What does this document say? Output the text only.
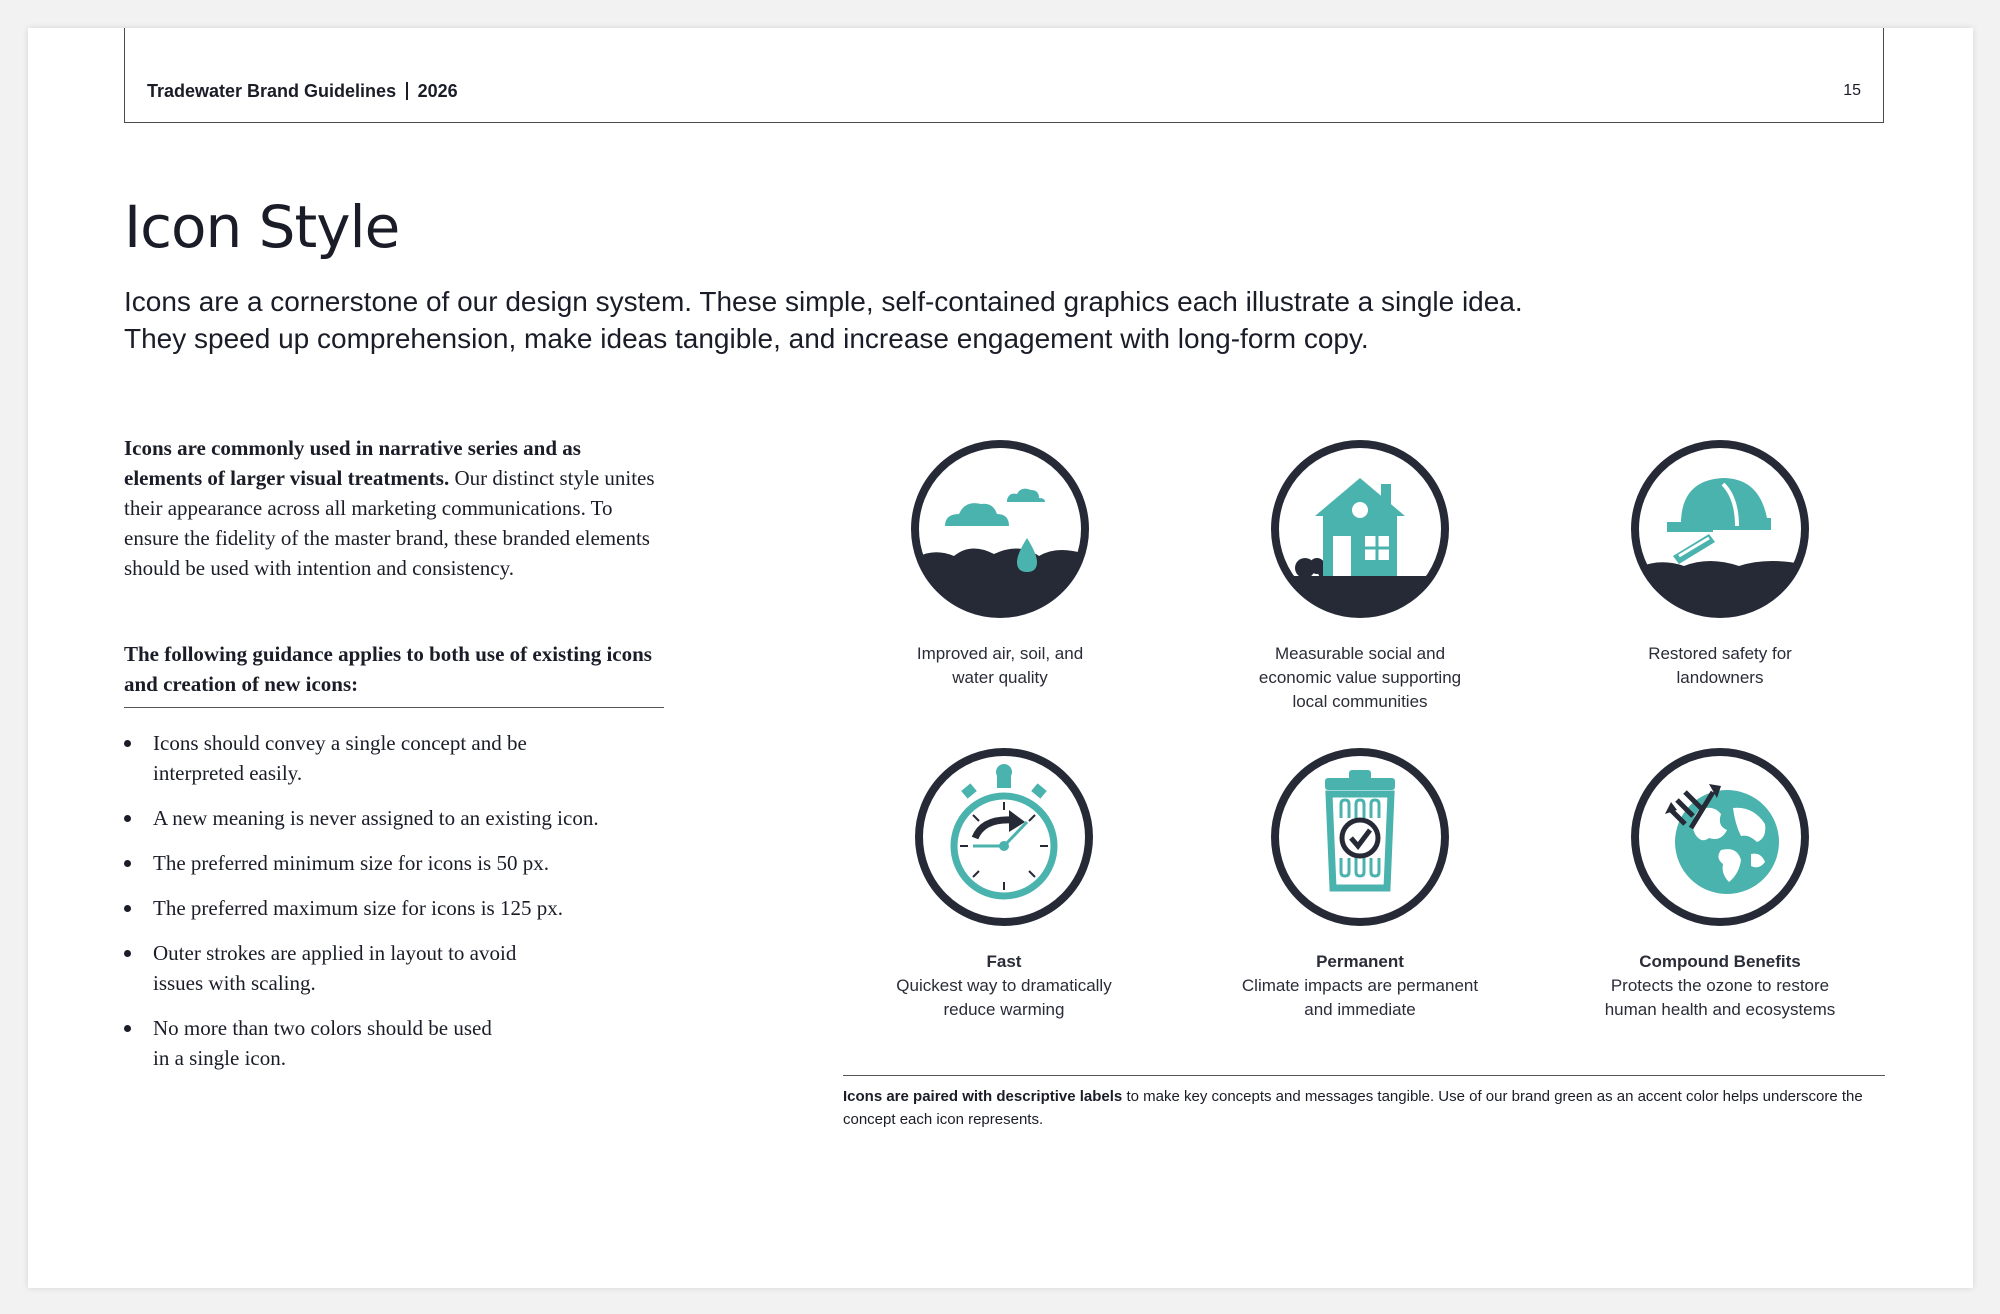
Tradewater Brand Guidelines 2026	15
Icon Style

Icons are a cornerstone of our design system. These simple, self-contained graphics each illustrate a single idea.

They speed up comprehension, make ideas tangible, and increase engagement with long-form copy.

Icons are commonly used in narrative series and as elements of larger visual treatments. Our distinct style unites their appearance across all marketing communications. To ensure the fidelity of the master brand, these branded elements should be used with intention and consistency.

The following guidance applies to both use of existing icons and creation of new icons:
Icons should convey a single concept and be interpreted easily.
A new meaning is never assigned to an existing icon.
The preferred minimum size for icons is 50 px.
The preferred maximum size for icons is 125 px.
Outer strokes are applied in layout to avoid issues with scaling.
No more than two colors should be used in a single icon.
Improved air, soil, and water quality
Measurable social and economic value supporting local communities
Restored safety for landowners
Fast
Quickest way to dramatically reduce warming
Permanent
Climate impacts are permanent and immediate
Compound Benefits
Protects the ozone to restore human health and ecosystems
Icons are paired with descriptive labels to make key concepts and messages tangible. Use of our brand green as an accent color helps underscore the concept each icon represents.
